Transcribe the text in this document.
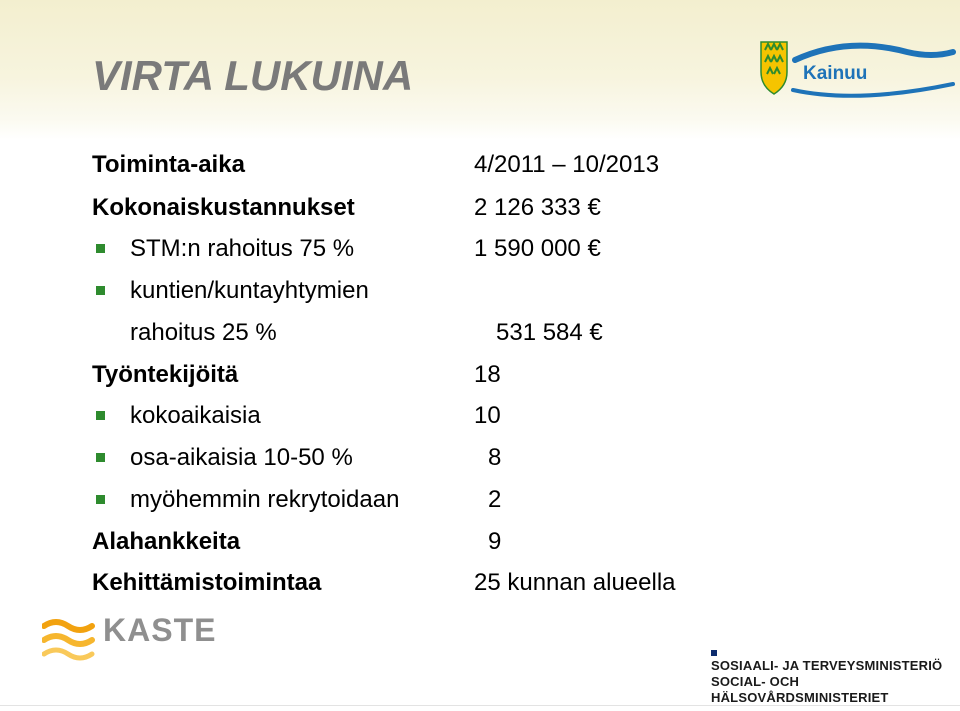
VIRTA LUKUINA	Kainuu
Toiminta-aika	4/2011 – 10/2013
Kokonaiskustannukset	2 126 333 €
STM:n rahoitus 75 %	1 590 000 €
kuntien/kuntayhtymien
rahoitus 25 %	531 584 €
Työntekijöitä	18
kokoaikaisia	10
osa-aikaisia 10-50 %	8
myöhemmin rekrytoidaan	2
Alahankkeita	9
Kehittämistoimintaa	25 kunnan alueella
KASTE
SOSIAALI- JA TERVEYSMINISTERIÖ
SOCIAL- OCH HÄLSOVÅRDSMINISTERIET
